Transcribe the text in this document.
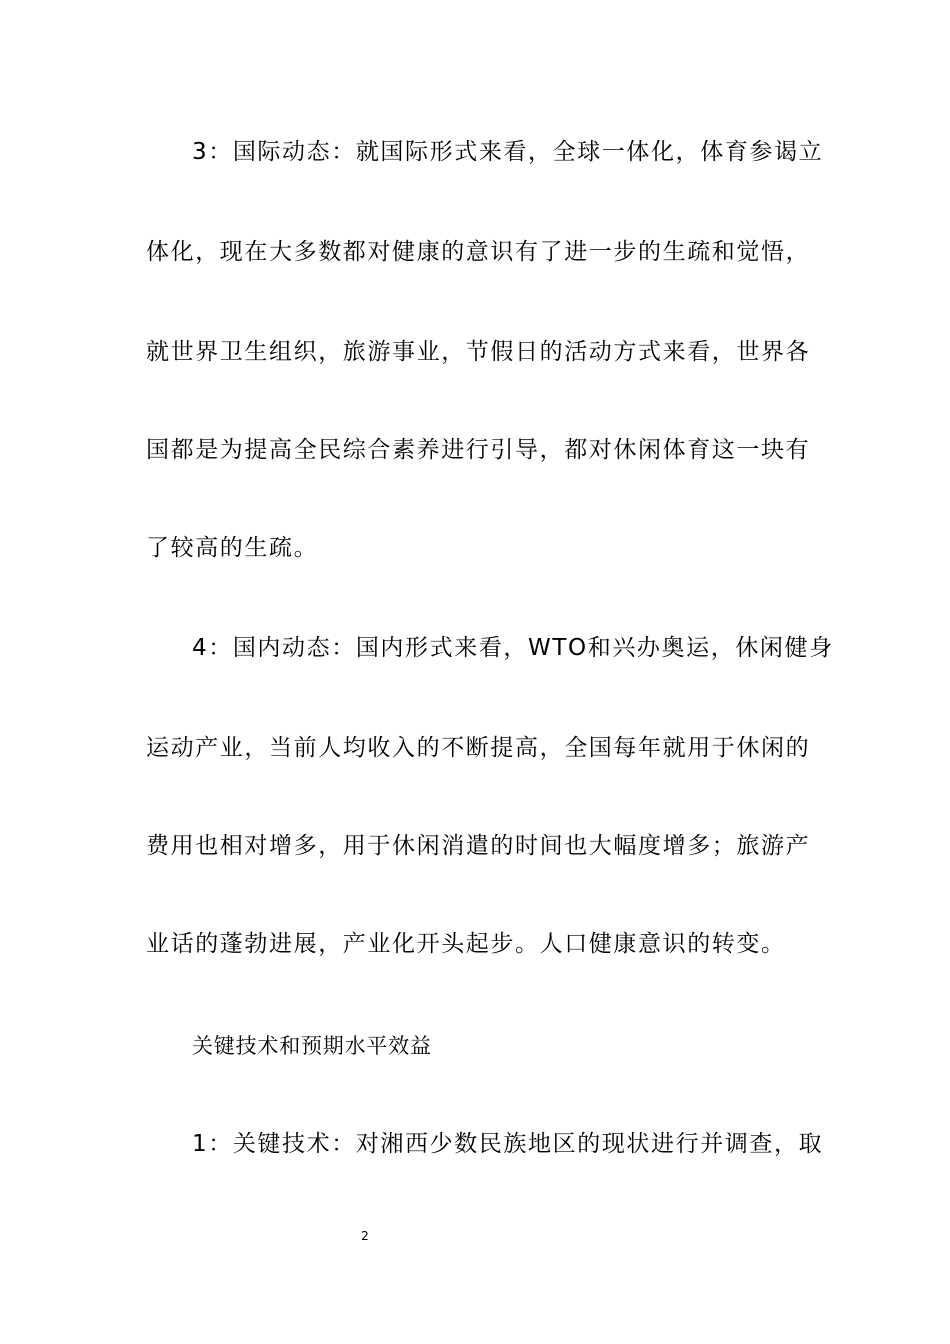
3：国际动态：就国际形式来看，全球一体化，体育参谒立
体化，现在大多数都对健康的意识有了进一步的生疏和觉悟，
就世界卫生组织，旅游事业，节假日的活动方式来看，世界各
国都是为提高全民综合素养进行引导，都对休闲体育这一块有
了较高的生疏。
4：国内动态：国内形式来看，WTO和兴办奥运，休闲健身
运动产业，当前人均收入的不断提高，全国每年就用于休闲的
费用也相对增多，用于休闲消遣的时间也大幅度增多；旅游产
业话的蓬勃进展，产业化开头起步。人口健康意识的转变。
关键技术和预期水平效益
1：关键技术：对湘西少数民族地区的现状进行并调查，取
2
